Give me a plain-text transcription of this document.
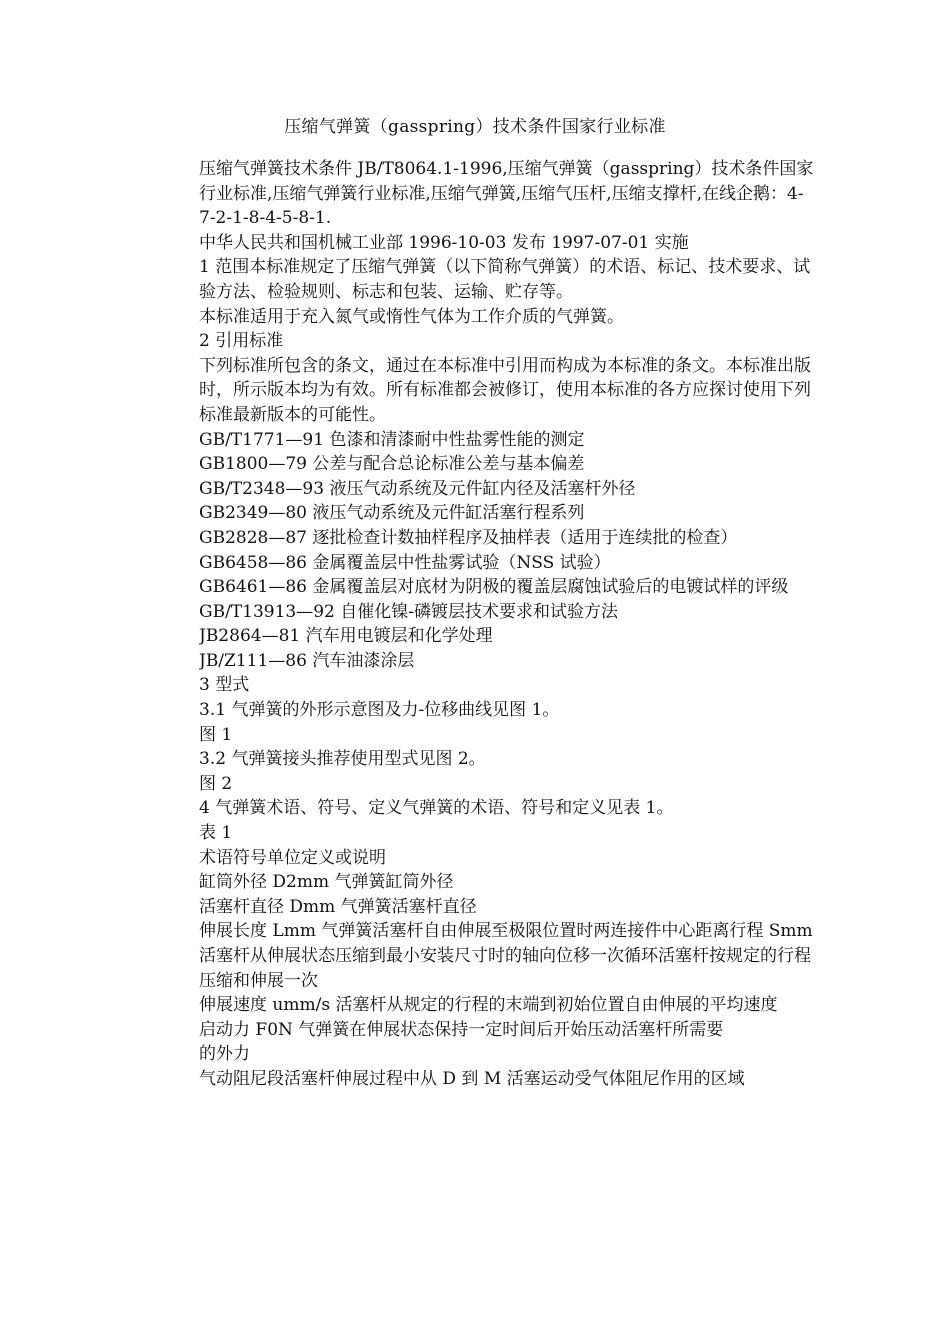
压缩气弹簧（gasspring）技术条件国家行业标准
压缩气弹簧技术条件 JB/T8064.1-1996,压缩气弹簧（gasspring）技术条件国家行业标准,压缩气弹簧行业标准,压缩气弹簧,压缩气压杆,压缩支撑杆,在线企鹅：4-7-2-1-8-4-5-8-1.
中华人民共和国机械工业部 1996-10-03 发布 1997-07-01 实施
1 范围本标准规定了压缩气弹簧（以下简称气弹簧）的术语、标记、技术要求、试验方法、检验规则、标志和包装、运输、贮存等。
本标准适用于充入氮气或惰性气体为工作介质的气弹簧。
2 引用标准
下列标准所包含的条文，通过在本标准中引用而构成为本标准的条文。本标准出版时，所示版本均为有效。所有标准都会被修订，使用本标准的各方应探讨使用下列标准最新版本的可能性。
GB/T1771—91 色漆和清漆耐中性盐雾性能的测定
GB1800—79 公差与配合总论标准公差与基本偏差
GB/T2348—93 液压气动系统及元件缸内径及活塞杆外径
GB2349—80 液压气动系统及元件缸活塞行程系列
GB2828—87 逐批检查计数抽样程序及抽样表（适用于连续批的检查）
GB6458—86 金属覆盖层中性盐雾试验（NSS 试验）
GB6461—86 金属覆盖层对底材为阴极的覆盖层腐蚀试验后的电镀试样的评级
GB/T13913—92 自催化镍-磷镀层技术要求和试验方法
JB2864—81 汽车用电镀层和化学处理
JB/Z111—86 汽车油漆涂层
3 型式
3.1 气弹簧的外形示意图及力-位移曲线见图 1。
图 1
3.2 气弹簧接头推荐使用型式见图 2。
图 2
4 气弹簧术语、符号、定义气弹簧的术语、符号和定义见表 1。
表 1
术语符号单位定义或说明
缸筒外径 D2mm 气弹簧缸筒外径
活塞杆直径 Dmm 气弹簧活塞杆直径
伸展长度 Lmm 气弹簧活塞杆自由伸展至极限位置时两连接件中心距离行程 Smm 活塞杆从伸展状态压缩到最小安装尺寸时的轴向位移一次循环活塞杆按规定的行程压缩和伸展一次
伸展速度 umm/s 活塞杆从规定的行程的末端到初始位置自由伸展的平均速度
启动力 F0N 气弹簧在伸展状态保持一定时间后开始压动活塞杆所需要
的外力
气动阻尼段活塞杆伸展过程中从 D 到 M 活塞运动受气体阻尼作用的区域
